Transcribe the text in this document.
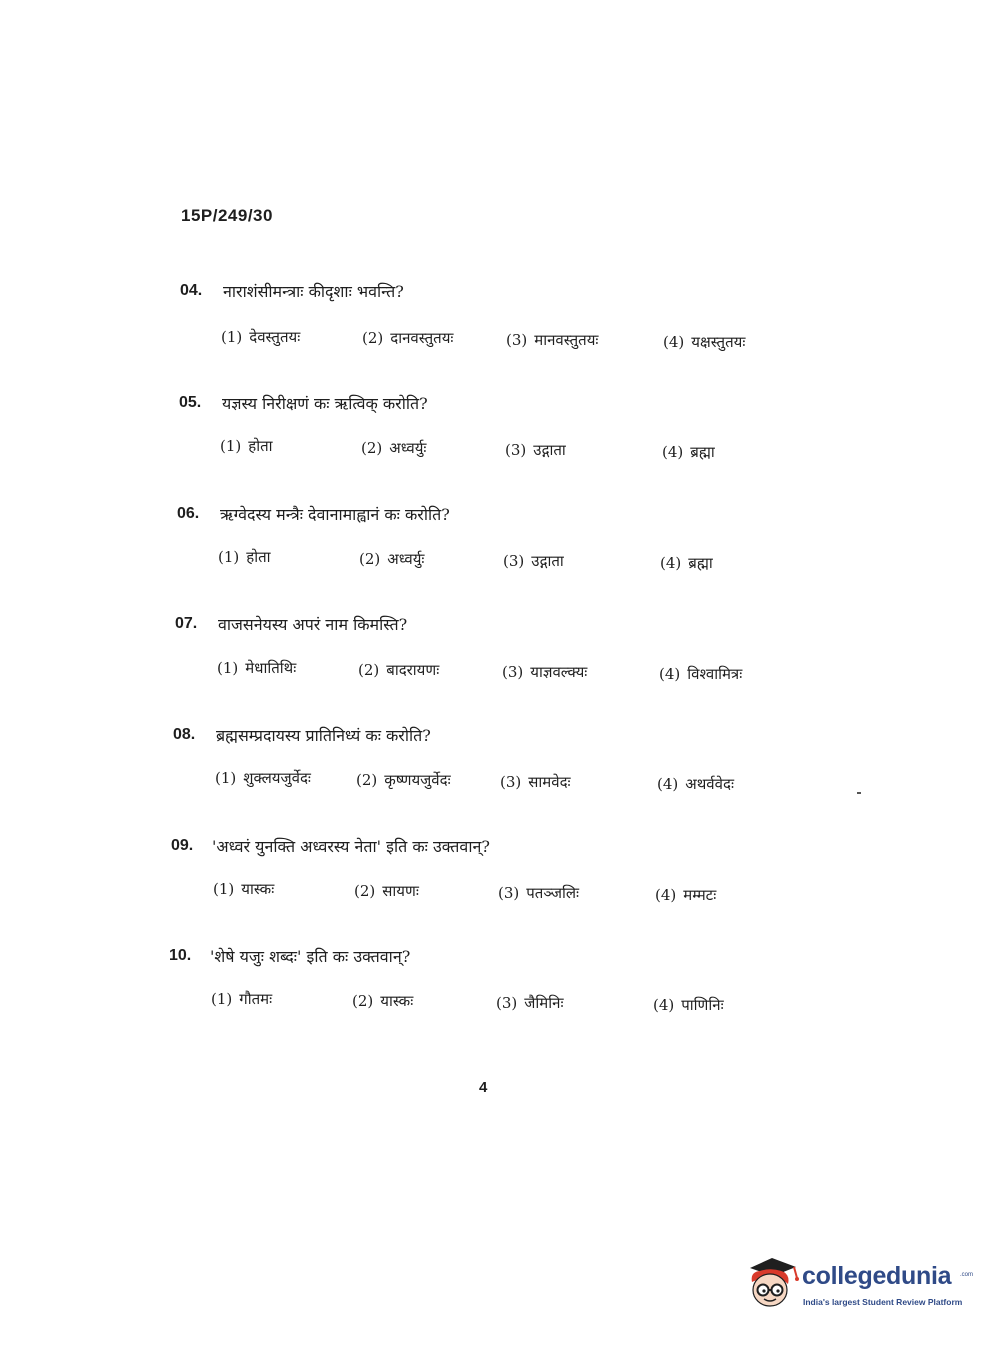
15P/249/30
04. नाराशंसीमन्त्राः कीदृशाः भवन्ति?
(1) देवस्तुतयः	(2) दानवस्तुतयः	(3) मानवस्तुतयः	(4) यक्षस्तुतयः
05. यज्ञस्य निरीक्षणं कः ऋत्विक् करोति?
(1) होता	(2) अध्वर्युः	(3) उद्गाता	(4) ब्रह्मा
06. ऋग्वेदस्य मन्त्रैः देवानामाह्वानं कः करोति?
(1) होता	(2) अध्वर्युः	(3) उद्गाता	(4) ब्रह्मा
07. वाजसनेयस्य अपरं नाम किमस्ति?
(1) मेधातिथिः	(2) बादरायणः	(3) याज्ञवल्क्यः	(4) विश्वामित्रः
08. ब्रह्मसम्प्रदायस्य प्रातिनिध्यं कः करोति?
(1) शुक्लयजुर्वेदः	(2) कृष्णयजुर्वेदः	(3) सामवेदः	(4) अथर्ववेदः
09. 'अध्वरं युनक्ति अध्वरस्य नेता' इति कः उक्तवान्?
(1) यास्कः	(2) सायणः	(3) पतञ्जलिः	(4) मम्मटः
10. 'शेषे यजुः शब्दः' इति कः उक्तवान्?
(1) गौतमः	(2) यास्कः	(3) जैमिनिः	(4) पाणिनिः
4
collegedunia .com
India's largest Student Review Platform
